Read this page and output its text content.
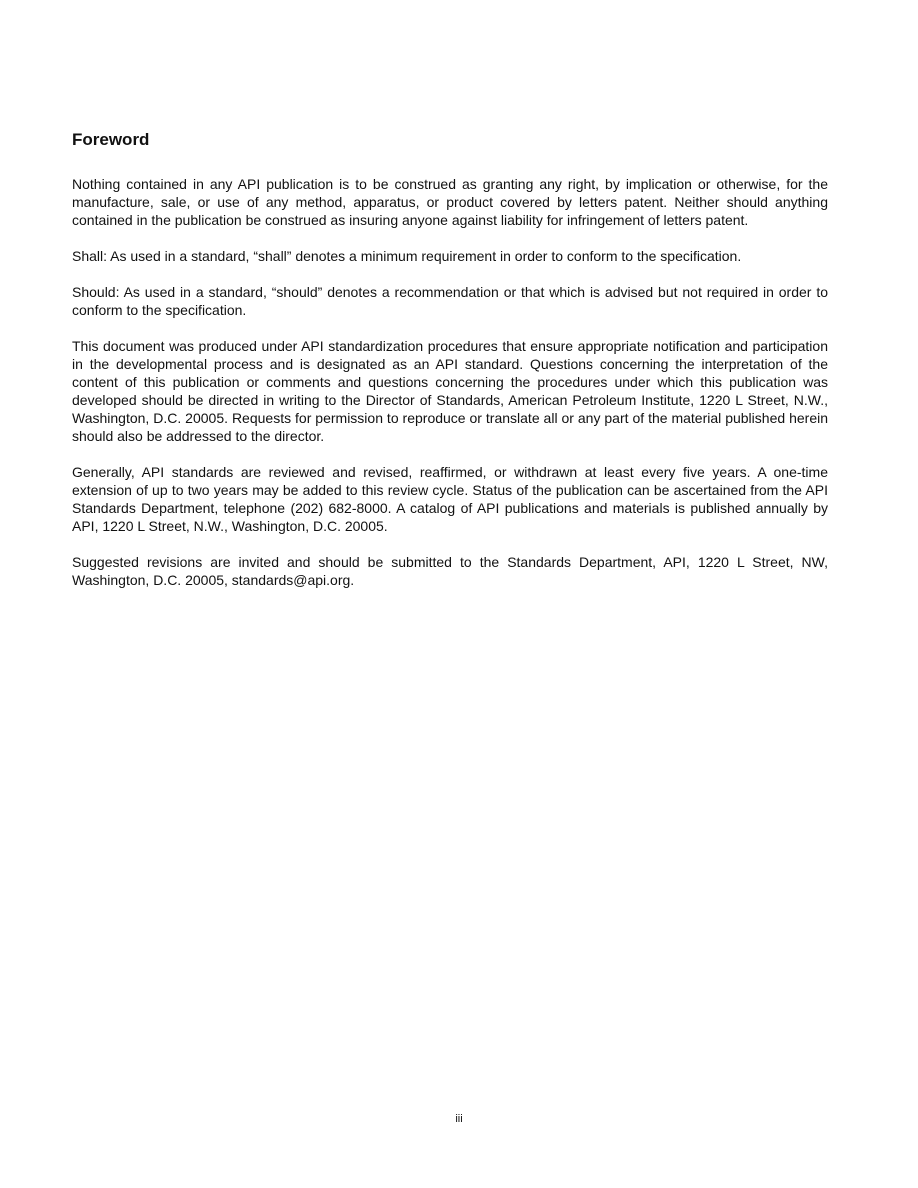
Foreword

Nothing contained in any API publication is to be construed as granting any right, by implication or otherwise, for the manufacture, sale, or use of any method, apparatus, or product covered by letters patent. Neither should anything contained in the publication be construed as insuring anyone against liability for infringement of letters patent.

Shall: As used in a standard, “shall” denotes a minimum requirement in order to conform to the specification.

Should: As used in a standard, “should” denotes a recommendation or that which is advised but not required in order to conform to the specification.

This document was produced under API standardization procedures that ensure appropriate notification and participation in the developmental process and is designated as an API standard. Questions concerning the interpretation of the content of this publication or comments and questions concerning the procedures under which this publication was developed should be directed in writing to the Director of Standards, American Petroleum Institute, 1220 L Street, N.W., Washington, D.C. 20005. Requests for permission to reproduce or translate all or any part of the material published herein should also be addressed to the director.

Generally, API standards are reviewed and revised, reaffirmed, or withdrawn at least every five years. A one-time extension of up to two years may be added to this review cycle. Status of the publication can be ascertained from the API Standards Department, telephone (202) 682-8000. A catalog of API publications and materials is published annually by API, 1220 L Street, N.W., Washington, D.C. 20005.

Suggested revisions are invited and should be submitted to the Standards Department, API, 1220 L Street, NW, Washington, D.C. 20005, standards@api.org.

iii
